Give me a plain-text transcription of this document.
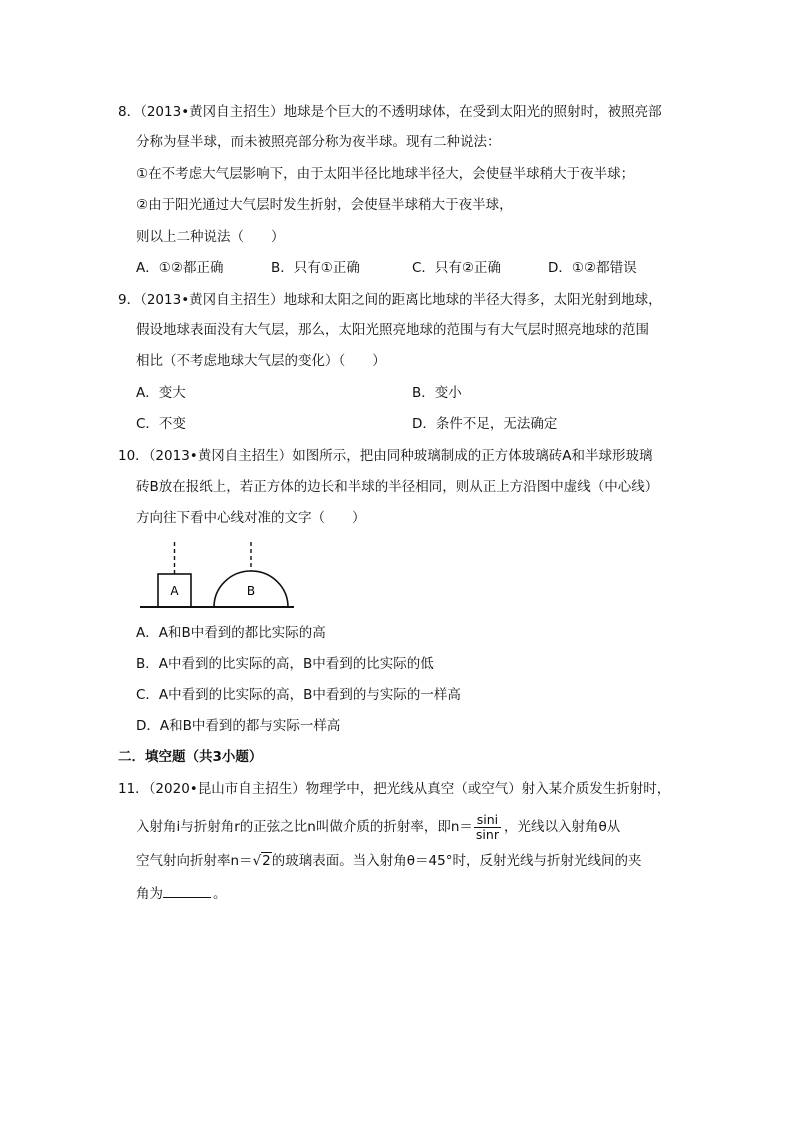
8．（2013•黄冈自主招生）地球是个巨大的不透明球体，在受到太阳光的照射时，被照亮部
分称为昼半球，而未被照亮部分称为夜半球。现有二种说法：
①在不考虑大气层影响下，由于太阳半径比地球半径大，会使昼半球稍大于夜半球；
②由于阳光通过大气层时发生折射，会使昼半球稍大于夜半球，
则以上二种说法（　　）
A．①②都正确	B．只有①正确	C．只有②正确	D．①②都错误
9．（2013•黄冈自主招生）地球和太阳之间的距离比地球的半径大得多，太阳光射到地球，
假设地球表面没有大气层，那么，太阳光照亮地球的范围与有大气层时照亮地球的范围
相比（不考虑地球大气层的变化）（　　）
A．变大	B．变小
C．不变	D．条件不足，无法确定
10．（2013•黄冈自主招生）如图所示，把由同种玻璃制成的正方体玻璃砖A和半球形玻璃
砖B放在报纸上，若正方体的边长和半球的半径相同，则从正上方沿图中虚线（中心线）
方向往下看中心线对准的文字（　　）
A	B
A．A和B中看到的都比实际的高
B．A中看到的比实际的高，B中看到的比实际的低
C．A中看到的比实际的高，B中看到的与实际的一样高
D．A和B中看到的都与实际一样高
二．填空题（共3小题）
11．（2020•昆山市自主招生）物理学中，把光线从真空（或空气）射入某介质发生折射时，
入射角i与折射角r的正弦之比n叫做介质的折射率，即$n= \frac{\sin i}{\sin r}$ ，光线以入射角θ从
空气射向折射率n＝√2的玻璃表面。当入射角θ＝45°时，反射光线与折射光线间的夹
角为	。
